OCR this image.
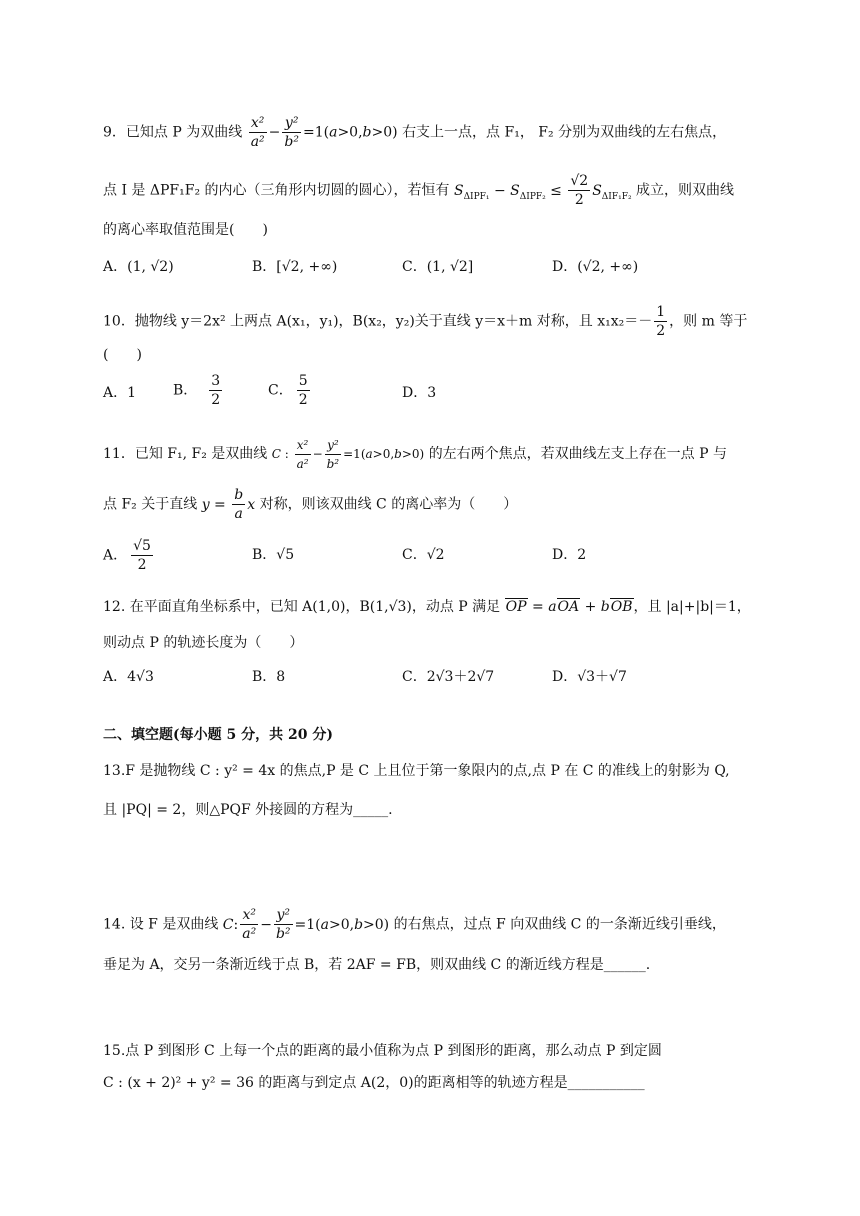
9．已知点 P 为双曲线 $\frac{\text{x²}}{\text{a²}} - \frac{\text{y²}}{\text{b²}} =1(a>0,b>0)$ 右支上一点，点 F₁， F₂ 分别为双曲线的左右焦点，
点 I 是 ΔPF₁F₂ 的内心（三角形内切圆的圆心），若恒有 $S_{\Delta IPF_1} - S_{\Delta IPF_2} \le \frac{√2}{2} S_{\Delta IF_1F_2}$ 成立，则双曲线
的离心率取值范围是(　　)
A．(1, √2)	B．[√2, +∞)	C．(1, √2]	D．(√2, +∞)
10．抛物线 y＝2x² 上两点 A(x₁，y₁)，B(x₂，y₂)关于直线 y＝x＋m 对称，且 $x_1x_2=- \frac{1}{2}$ ，则 m 等于
(　　)
A．1	B． $\frac{3}{2}$	C． $\frac{5}{2}$	D．3
11．已知 F₁, F₂ 是双曲线 C : $\frac{\text{x²}}{\text{a²}} - \frac{\text{y²}}{\text{b²}} =1(a>0,b>0)$ 的左右两个焦点，若双曲线左支上存在一点 P 与
点 F₂ 关于直线 $y = \frac{b}{a}$ x 对称，则该双曲线 C 的离心率为（　　）
A． $\frac{√5}{2}$	B．√5	C．√2	D．2
12. 在平面直角坐标系中，已知 A(1,0)，B(1,√3)，动点 P 满足 OP = aOA + bOB，且 |a|+|b|＝1，
则动点 P 的轨迹长度为（　　）
A．4√3	B．8	C．2√3＋2√7	D．√3＋√7
二、填空题(每小题 5 分，共 20 分)
13.F 是抛物线 C : y² = 4x 的焦点,P 是 C 上且位于第一象限内的点,点 P 在 C 的准线上的射影为 Q,
且 |PQ| = 2，则△PQF 外接圆的方程为_____.
14. 设 F 是双曲线 C: $\frac{\text{x²}}{\text{a²}} - \frac{\text{y²}}{\text{b²}} =1(a>0,b>0)$ 的右焦点，过点 F 向双曲线 C 的一条渐近线引垂线，
垂足为 A，交另一条渐近线于点 B，若 2AF = FB，则双曲线 C 的渐近线方程是______.
15.点 P 到图形 C 上每一个点的距离的最小值称为点 P 到图形的距离，那么动点 P 到定圆
C : (x + 2)² + y² = 36 的距离与到定点 A(2，0)的距离相等的轨迹方程是___________
